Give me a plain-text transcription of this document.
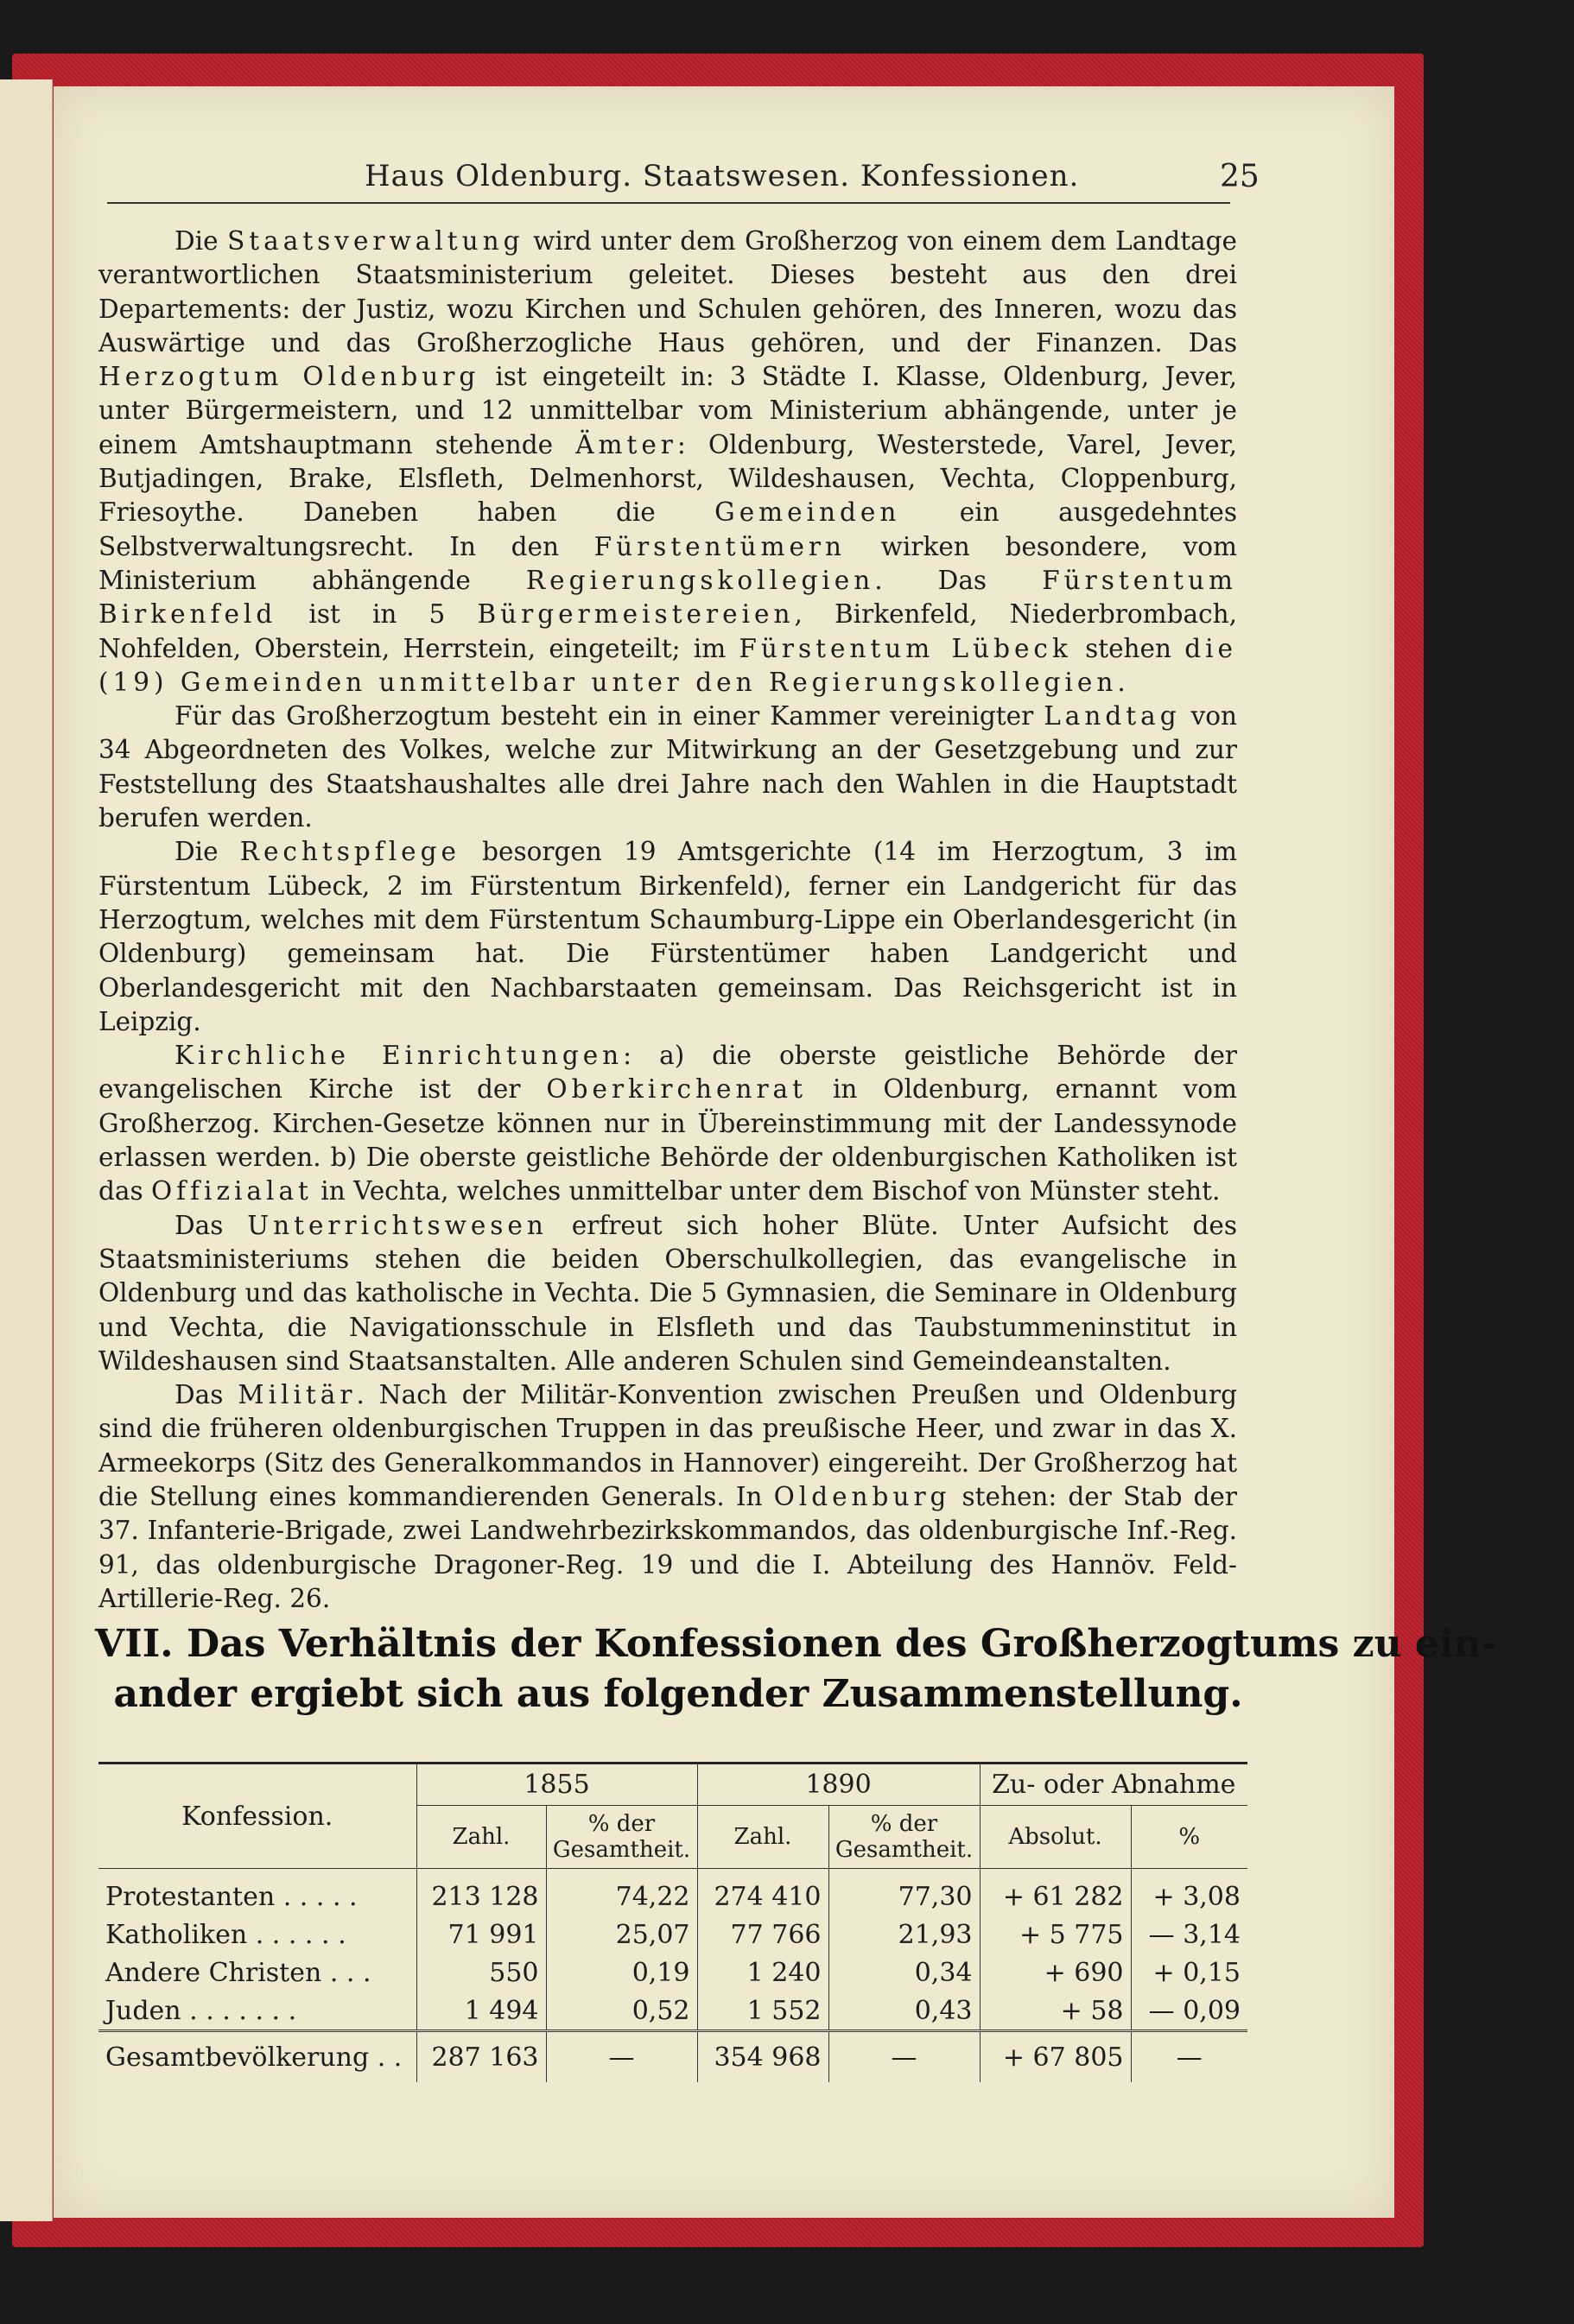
Haus Oldenburg. Staatswesen. Konfessionen.	25

Die Staatsverwaltung wird unter dem Großherzog von einem dem Landtage verantwortlichen Staatsministerium geleitet. Dieses besteht aus den drei Departements: der Justiz, wozu Kirchen und Schulen gehören, des Inneren, wozu das Auswärtige und das Großherzogliche Haus gehören, und der Finanzen. Das Herzogtum Oldenburg ist eingeteilt in: 3 Städte I. Klasse, Oldenburg, Jever, unter Bürgermeistern, und 12 unmittelbar vom Ministerium abhängende, unter je einem Amtshauptmann stehende Ämter: Oldenburg, Westerstede, Varel, Jever, Butjadingen, Brake, Elsfleth, Delmenhorst, Wildeshausen, Vechta, Cloppenburg, Friesoythe. Daneben haben die Gemeinden ein ausgedehntes Selbstverwaltungsrecht. In den Fürstentümern wirken besondere, vom Ministerium abhängende Regierungskollegien. Das Fürstentum Birkenfeld ist in 5 Bürgermeistereien, Birkenfeld, Niederbrombach, Nohfelden, Oberstein, Herrstein, eingeteilt; im Fürstentum Lübeck stehen die (19) Gemeinden unmittelbar unter den Regierungskollegien.

Für das Großherzogtum besteht ein in einer Kammer vereinigter Landtag von 34 Abgeordneten des Volkes, welche zur Mitwirkung an der Gesetzgebung und zur Feststellung des Staatshaushaltes alle drei Jahre nach den Wahlen in die Hauptstadt berufen werden.

Die Rechtspflege besorgen 19 Amtsgerichte (14 im Herzogtum, 3 im Fürstentum Lübeck, 2 im Fürstentum Birkenfeld), ferner ein Landgericht für das Herzogtum, welches mit dem Fürstentum Schaumburg-Lippe ein Oberlandesgericht (in Oldenburg) gemeinsam hat. Die Fürstentümer haben Landgericht und Oberlandesgericht mit den Nachbarstaaten gemeinsam. Das Reichsgericht ist in Leipzig.

Kirchliche Einrichtungen: a) die oberste geistliche Behörde der evangelischen Kirche ist der Oberkirchenrat in Oldenburg, ernannt vom Großherzog. Kirchen-Gesetze können nur in Übereinstimmung mit der Landessynode erlassen werden. b) Die oberste geistliche Behörde der oldenburgischen Katholiken ist das Offizialat in Vechta, welches unmittelbar unter dem Bischof von Münster steht.

Das Unterrichtswesen erfreut sich hoher Blüte. Unter Aufsicht des Staatsministeriums stehen die beiden Oberschulkollegien, das evangelische in Oldenburg und das katholische in Vechta. Die 5 Gymnasien, die Seminare in Oldenburg und Vechta, die Navigationsschule in Elsfleth und das Taubstummeninstitut in Wildeshausen sind Staatsanstalten. Alle anderen Schulen sind Gemeindeanstalten.

Das Militär. Nach der Militär-Konvention zwischen Preußen und Oldenburg sind die früheren oldenburgischen Truppen in das preußische Heer, und zwar in das X. Armeekorps (Sitz des Generalkommandos in Hannover) eingereiht. Der Großherzog hat die Stellung eines kommandierenden Generals. In Oldenburg stehen: der Stab der 37. Infanterie-Brigade, zwei Landwehrbezirkskommandos, das oldenburgische Inf.-Reg. 91, das oldenburgische Dragoner-Reg. 19 und die I. Abteilung des Hannöv. Feld-Artillerie-Reg. 26.

VII. Das Verhältnis der Konfessionen des Großherzogtums zu ein-
ander ergiebt sich aus folgender Zusammenstellung.
Konfession.	1855		1890		Zu- oder Abnahme	
	Zahl.	% der Gesamtheit.	Zahl.	% der Gesamtheit.	Absolut.	%
Protestanten . . . . .	213 128	74,22	274 410	77,30	+ 61 282	+ 3,08
Katholiken . . . . . .	71 991	25,07	77 766	21,93	+ 5 775	— 3,14
Andere Christen . . .	550	0,19	1 240	0,34	+ 690	+ 0,15
Juden . . . . . . .	1 494	0,52	1 552	0,43	+ 58	— 0,09
Gesamtbevölkerung . .	287 163	—	354 968	—	+ 67 805	—
